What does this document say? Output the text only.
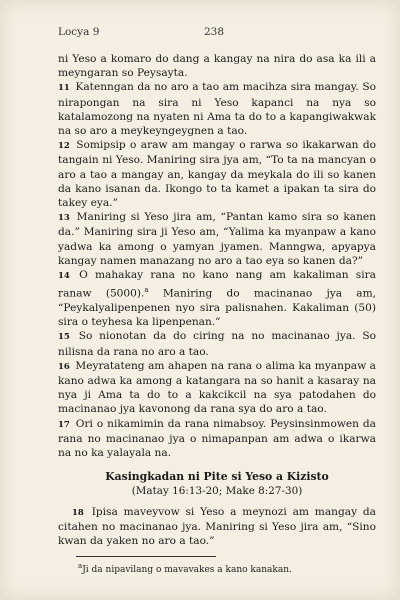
Locya 9	238

ni Yeso a komaro do dang a kangay na nira do asa ka ili a meyngaran so Peysayta.

11 Katenngan da no aro a tao am macihza sira mangay. So nirapongan na sira ni Yeso kapanci na nya so katalamozong na nyaten ni Ama ta do to a kapangiwakwak na so aro a meykeyngeygnen a tao.

12 Somipsip o araw am mangay o rarwa so ikakarwan do tangain ni Yeso. Maniring sira jya am, “To ta na mancyan o aro a tao a mangay an, kangay da meykala do ili so kanen da kano isanan da. Ikongo to ta kamet a ipakan ta sira do takey eya.”

13 Maniring si Yeso jira am, “Pantan kamo sira so kanen da.” Maniring sira ji Yeso am, “Yalima ka myanpaw a kano yadwa ka among o yamyan jyamen. Manngwa, apyapya kangay namen manazang no aro a tao eya so kanen da?”

14 O mahakay rana no kano nang am kakaliman sira ranaw (5000).$^a$ Maniring do macinanao jya am, “Peykalyalipenpenen nyo sira palisnahen. Kakaliman (50) sira o teyhesa ka lipenpenan.”

15 So nionotan da do ciring na no macinanao jya. So nilisna da rana no aro a tao.

16 Meyratateng am ahapen na rana o alima ka myanpaw a kano adwa ka among a katangara na so hanit a kasaray na nya ji Ama ta do to a kakcikcil na sya patodahen do macinanao jya kavonong da rana sya do aro a tao.

17 Ori o nikamimin da rana nimabsoy. Peysinsinmowen da rana no macinanao jya o nimapanpan am adwa o ikarwa na no ka yalayala na.

Kasingkadan ni Pite si Yeso a Kizisto

(Matay 16:13-20; Make 8:27-30)

18 Ipisa maveyvow si Yeso a meynozi am mangay da citahen no macinanao jya. Maniring si Yeso jira am, “Sino kwan da yaken no aro a tao.”

$^a$Ji da nipavilang o mavavakes a kano kanakan.
